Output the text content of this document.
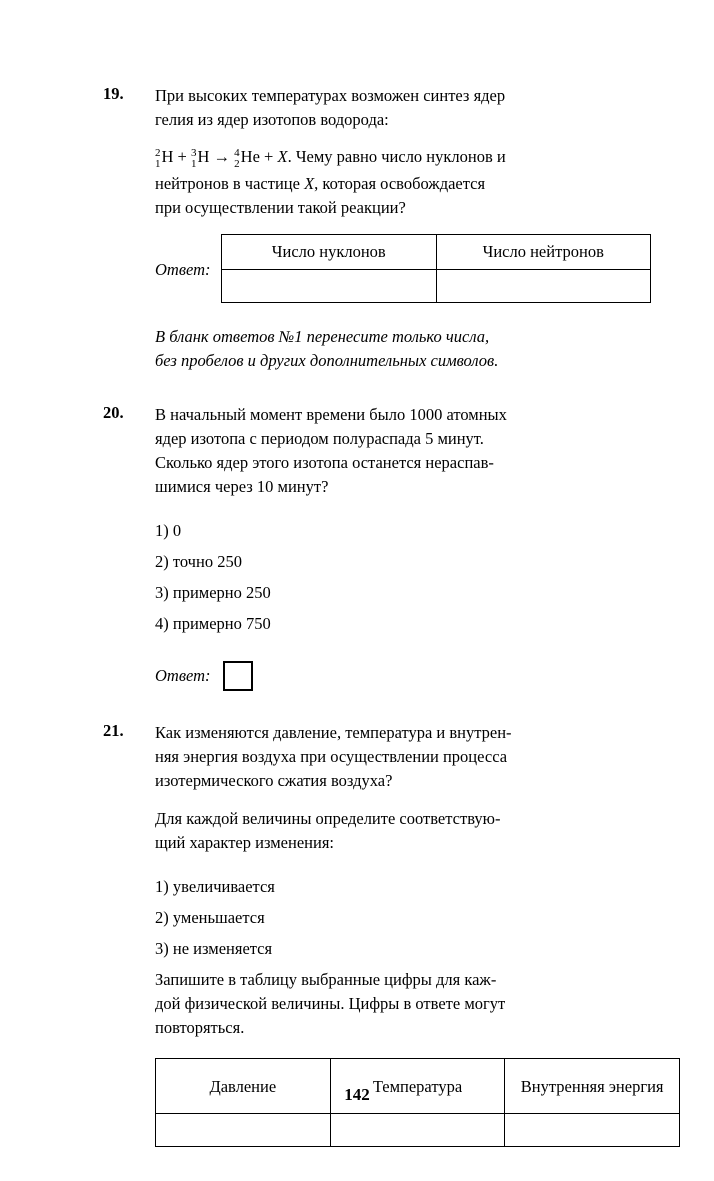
19.	При высоких температурах возможен синтез ядер

гелия из ядер изотопов водорода:

2
1 H + 3
1 H → 4
2 He + X. Чему равно число нуклонов и

нейтронов в частице X, которая освобождается

при осуществлении такой реакции?

Ответ:
Число нуклонов	Число нейтронов

В бланк ответов №1 перенесите только числа,

без пробелов и других дополнительных символов.

20.	В начальный момент времени было 1000 атомных

ядер изотопа с периодом полураспада 5 минут.

Сколько ядер этого изотопа останется нераспав-

шимися через 10 минут?

1) 0

2) точно 250

3) примерно 250

4) примерно 750

Ответ:
21.	Как изменяются давление, температура и внутрен-

няя энергия воздуха при осуществлении процесса

изотермического сжатия воздуха?

Для каждой величины определите соответствую-

щий характер изменения:

1) увеличивается

2) уменьшается

3) не изменяется

Запишите в таблицу выбранные цифры для каж-

дой физической величины. Цифры в ответе могут

повторяться.

Давление	Температура	Внутренняя энергия

142
